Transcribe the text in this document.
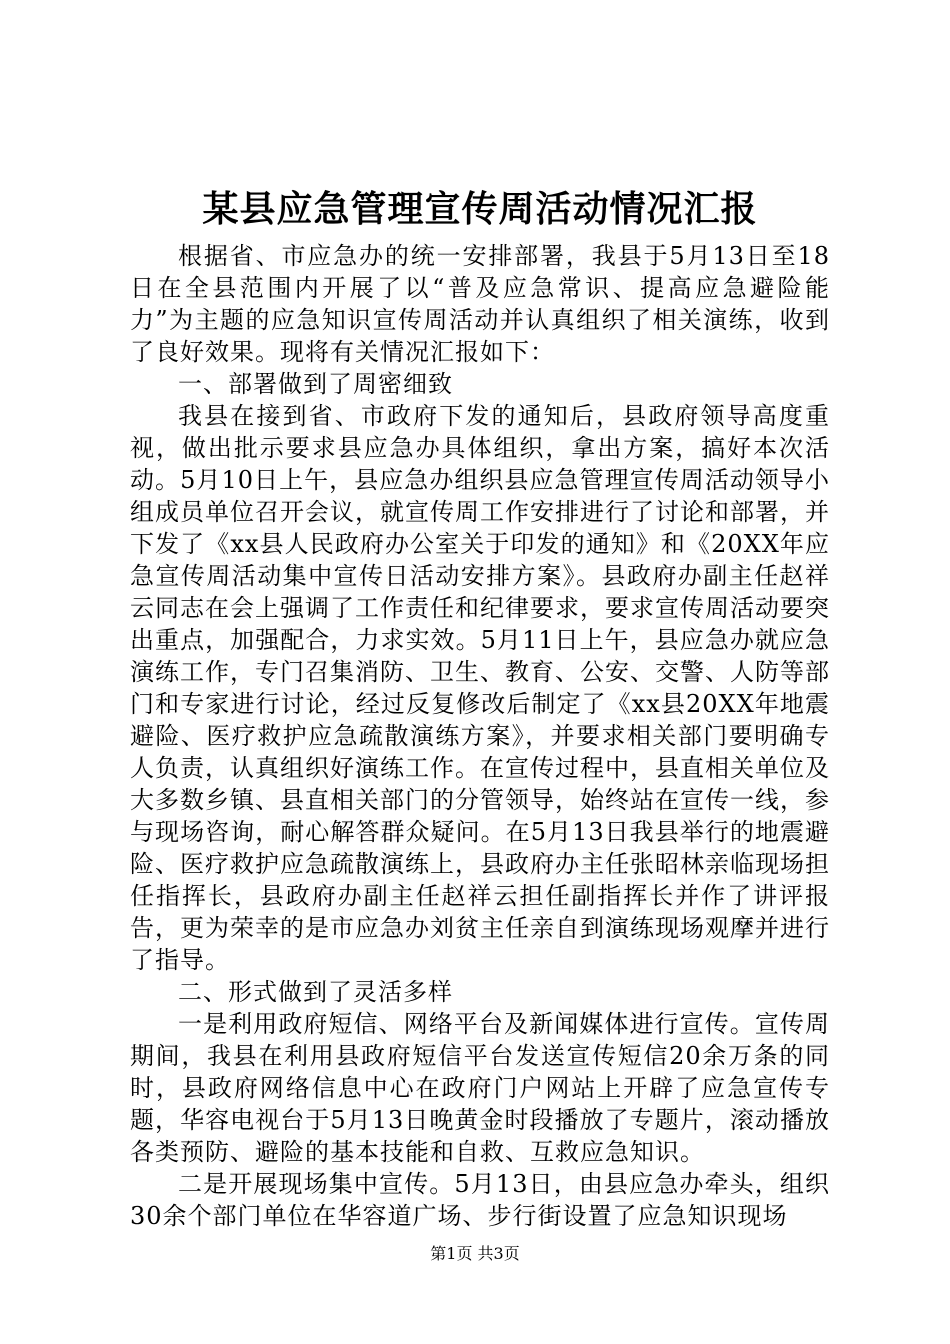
某县应急管理宣传周活动情况汇报

根据省、市应急办的统一安排部署，我县于5月13日至18日在全县范围内开展了以“普及应急常识、提高应急避险能力”为主题的应急知识宣传周活动并认真组织了相关演练，收到了良好效果。现将有关情况汇报如下：

一、部署做到了周密细致

我县在接到省、市政府下发的通知后，县政府领导高度重视，做出批示要求县应急办具体组织，拿出方案，搞好本次活动。5月10日上午，县应急办组织县应急管理宣传周活动领导小组成员单位召开会议，就宣传周工作安排进行了讨论和部署，并下发了《xx县人民政府办公室关于印发的通知》和《20XX年应急宣传周活动集中宣传日活动安排方案》。县政府办副主任赵祥云同志在会上强调了工作责任和纪律要求，要求宣传周活动要突出重点，加强配合，力求实效。5月11日上午，县应急办就应急演练工作，专门召集消防、卫生、教育、公安、交警、人防等部门和专家进行讨论，经过反复修改后制定了《xx县20XX年地震避险、医疗救护应急疏散演练方案》，并要求相关部门要明确专人负责，认真组织好演练工作。在宣传过程中，县直相关单位及大多数乡镇、县直相关部门的分管领导，始终站在宣传一线，参与现场咨询，耐心解答群众疑问。在5月13日我县举行的地震避险、医疗救护应急疏散演练上，县政府办主任张昭林亲临现场担任指挥长，县政府办副主任赵祥云担任副指挥长并作了讲评报告，更为荣幸的是市应急办刘贫主任亲自到演练现场观摩并进行了指导。

二、形式做到了灵活多样

一是利用政府短信、网络平台及新闻媒体进行宣传。宣传周期间，我县在利用县政府短信平台发送宣传短信20余万条的同时，县政府网络信息中心在政府门户网站上开辟了应急宣传专题，华容电视台于5月13日晚黄金时段播放了专题片，滚动播放各类预防、避险的基本技能和自救、互救应急知识。

二是开展现场集中宣传。5月13日，由县应急办牵头，组织30余个部门单位在华容道广场、步行街设置了应急知识现场

第1页 共3页
